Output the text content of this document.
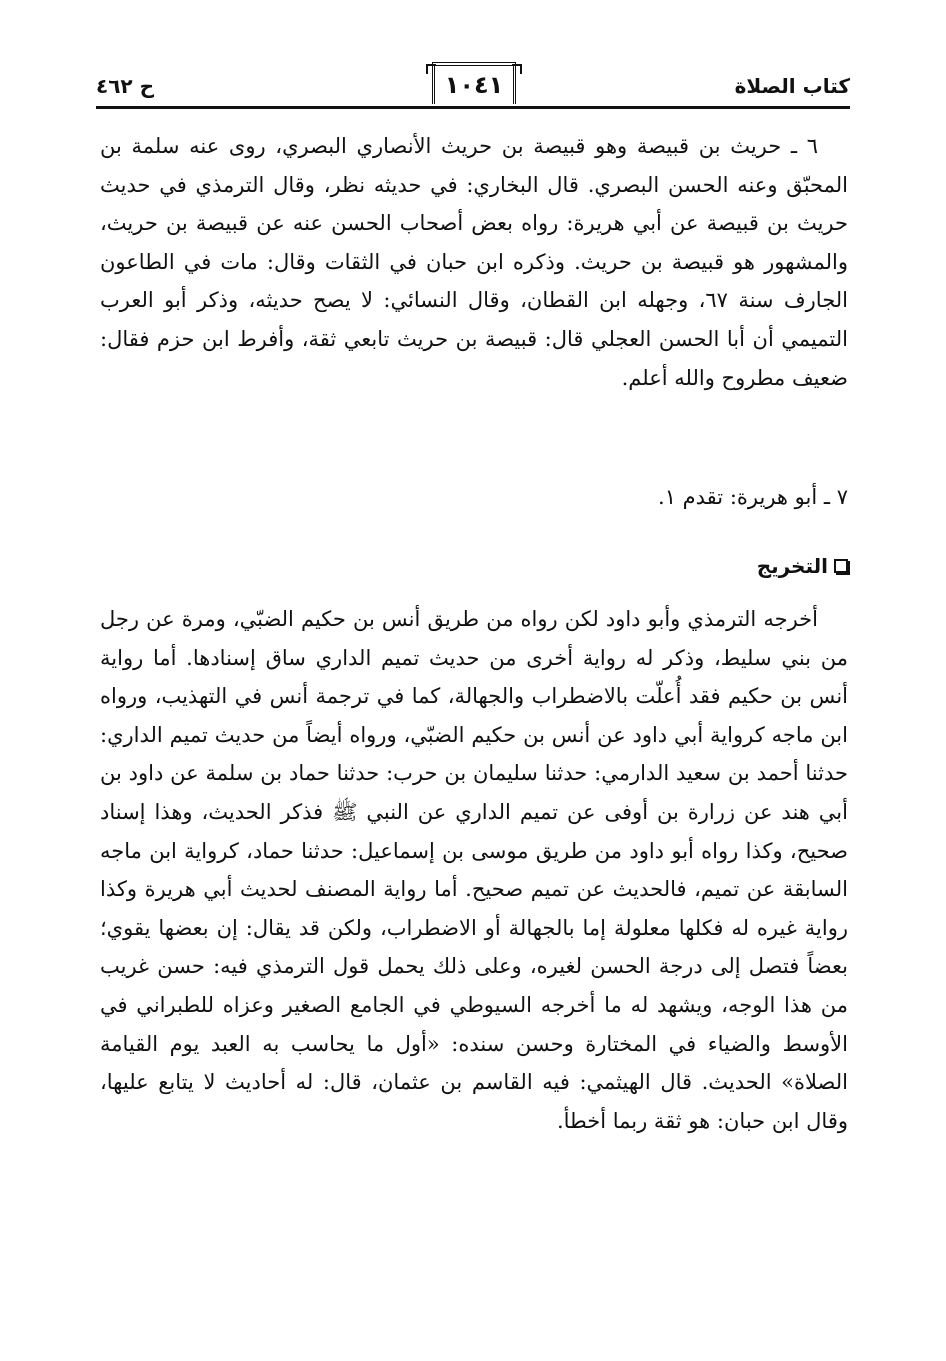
كتاب الصلاة
١٠٤١
ح ٤٦٢

٦ ـ حريث بن قبيصة وهو قبيصة بن حريث الأنصاري البصري، روى عنه سلمة بن المحبّق وعنه الحسن البصري. قال البخاري: في حديثه نظر، وقال الترمذي في حديث حريث بن قبيصة عن أبي هريرة: رواه بعض أصحاب الحسن عنه عن قبيصة بن حريث، والمشهور هو قبيصة بن حريث. وذكره ابن حبان في الثقات وقال: مات في الطاعون الجارف سنة ٦٧، وجهله ابن القطان، وقال النسائي: لا يصح حديثه، وذكر أبو العرب التميمي أن أبا الحسن العجلي قال: قبيصة بن حريث تابعي ثقة، وأفرط ابن حزم فقال: ضعيف مطروح والله أعلم.

٧ ـ أبو هريرة: تقدم ١.

التخريج

أخرجه الترمذي وأبو داود لكن رواه من طريق أنس بن حكيم الضبّي، ومرة عن رجل من بني سليط، وذكر له رواية أخرى من حديث تميم الداري ساق إسنادها. أما رواية أنس بن حكيم فقد أُعلّت بالاضطراب والجهالة، كما في ترجمة أنس في التهذيب، ورواه ابن ماجه كرواية أبي داود عن أنس بن حكيم الضبّي، ورواه أيضاً من حديث تميم الداري: حدثنا أحمد بن سعيد الدارمي: حدثنا سليمان بن حرب: حدثنا حماد بن سلمة عن داود بن أبي هند عن زرارة بن أوفى عن تميم الداري عن النبي ﷺ فذكر الحديث، وهذا إسناد صحيح، وكذا رواه أبو داود من طريق موسى بن إسماعيل: حدثنا حماد، كرواية ابن ماجه السابقة عن تميم، فالحديث عن تميم صحيح. أما رواية المصنف لحديث أبي هريرة وكذا رواية غيره له فكلها معلولة إما بالجهالة أو الاضطراب، ولكن قد يقال: إن بعضها يقوي؛ بعضاً فتصل إلى درجة الحسن لغيره، وعلى ذلك يحمل قول الترمذي فيه: حسن غريب من هذا الوجه، ويشهد له ما أخرجه السيوطي في الجامع الصغير وعزاه للطبراني في الأوسط والضياء في المختارة وحسن سنده: «أول ما يحاسب به العبد يوم القيامة الصلاة» الحديث. قال الهيثمي: فيه القاسم بن عثمان، قال: له أحاديث لا يتابع عليها، وقال ابن حبان: هو ثقة ربما أخطأ.
